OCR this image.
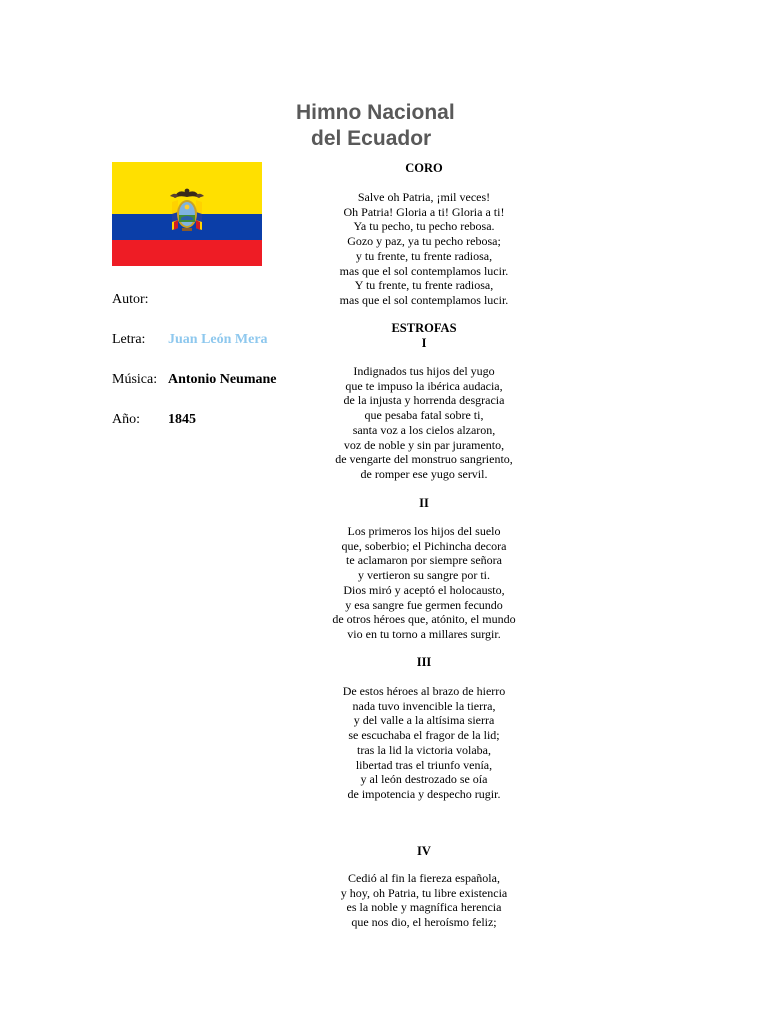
Himno Nacional
del Ecuador
Autor:
Letra: Juan León Mera
Música: Antonio Neumane
Año: 1845
CORO
Salve oh Patria, ¡mil veces!
Oh Patria! Gloria a ti! Gloria a ti!
Ya tu pecho, tu pecho rebosa.
Gozo y paz, ya tu pecho rebosa;
y tu frente, tu frente radiosa,
mas que el sol contemplamos lucir.
Y tu frente, tu frente radiosa,
mas que el sol contemplamos lucir.
ESTROFAS
I
Indignados tus hijos del yugo
que te impuso la ibérica audacia,
de la injusta y horrenda desgracia
que pesaba fatal sobre ti,
santa voz a los cielos alzaron,
voz de noble y sin par juramento,
de vengarte del monstruo sangriento,
de romper ese yugo servil.
II
Los primeros los hijos del suelo
que, soberbio; el Pichincha decora
te aclamaron por siempre señora
y vertieron su sangre por ti.
Dios miró y aceptó el holocausto,
y esa sangre fue germen fecundo
de otros héroes que, atónito, el mundo
vio en tu torno a millares surgir.
III
De estos héroes al brazo de hierro
nada tuvo invencible la tierra,
y del valle a la altísima sierra
se escuchaba el fragor de la lid;
tras la lid la victoria volaba,
libertad tras el triunfo venía,
y al león destrozado se oía
de impotencia y despecho rugir.
IV
Cedió al fin la fiereza española,
y hoy, oh Patria, tu libre existencia
es la noble y magnífica herencia
que nos dio, el heroísmo feliz;
